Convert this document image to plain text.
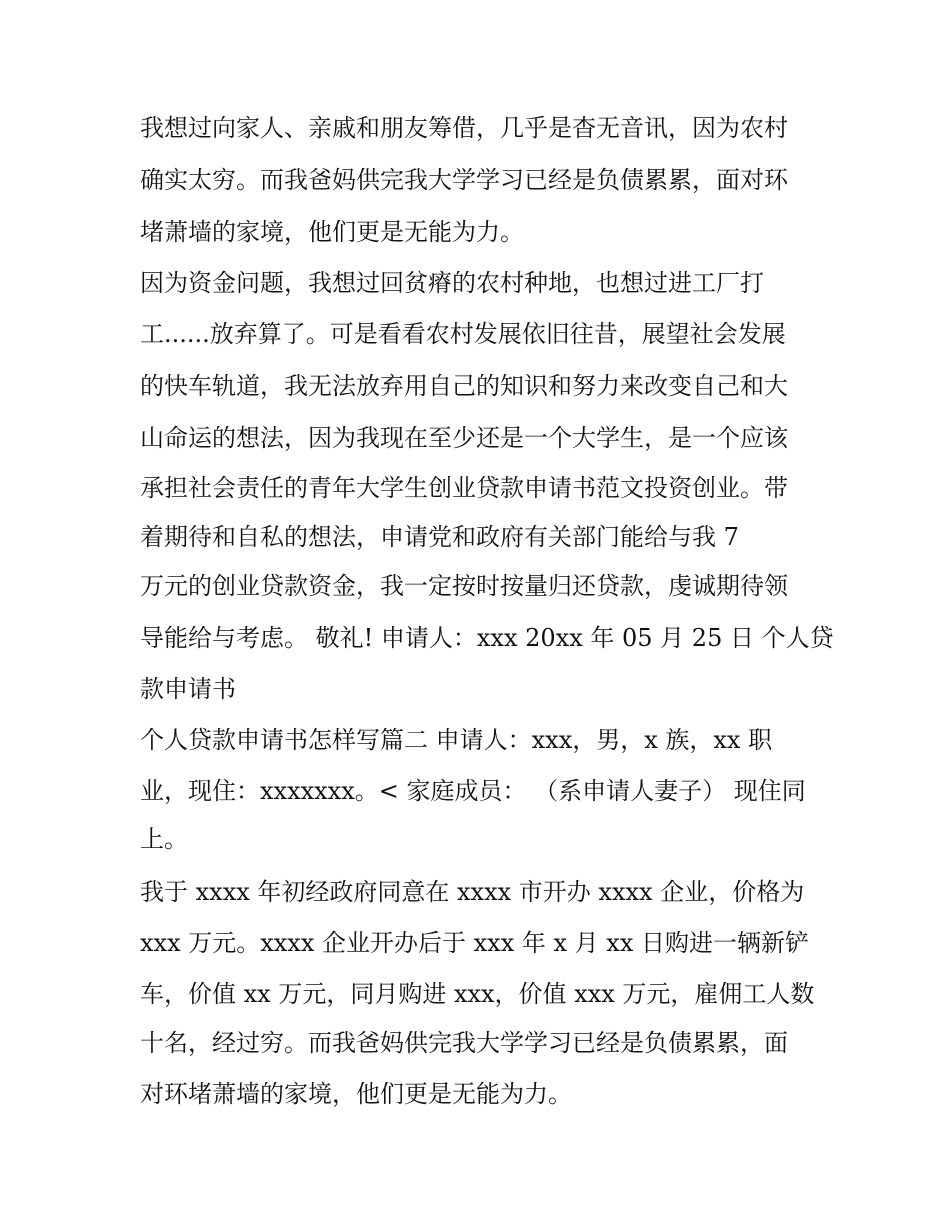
我想过向家人、亲戚和朋友筹借，几乎是杳无音讯，因为农村

确实太穷。而我爸妈供完我大学学习已经是负债累累，面对环

堵萧墙的家境，他们更是无能为力。

因为资金问题，我想过回贫瘠的农村种地，也想过进工厂打

工......放弃算了。可是看看农村发展依旧往昔，展望社会发展

的快车轨道，我无法放弃用自己的知识和努力来改变自己和大

山命运的想法，因为我现在至少还是一个大学生，是一个应该

承担社会责任的青年大学生创业贷款申请书范文投资创业。带

着期待和自私的想法，申请党和政府有关部门能给与我 7

万元的创业贷款资金，我一定按时按量归还贷款，虔诚期待领

导能给与考虑。 敬礼! 申请人：xxx 20xx 年 05 月 25 日 个人贷

款申请书

个人贷款申请书怎样写篇二 申请人：xxx，男，x 族，xx 职

业，现住：xxxxxxx。< 家庭成员： （系申请人妻子） 现住同

上。

我于 xxxx 年初经政府同意在 xxxx 市开办 xxxx 企业，价格为

xxx 万元。xxxx 企业开办后于 xxx 年 x 月 xx 日购进一辆新铲

车，价值 xx 万元，同月购进 xxx，价值 xxx 万元，雇佣工人数

十名，经过穷。而我爸妈供完我大学学习已经是负债累累，面

对环堵萧墙的家境，他们更是无能为力。
